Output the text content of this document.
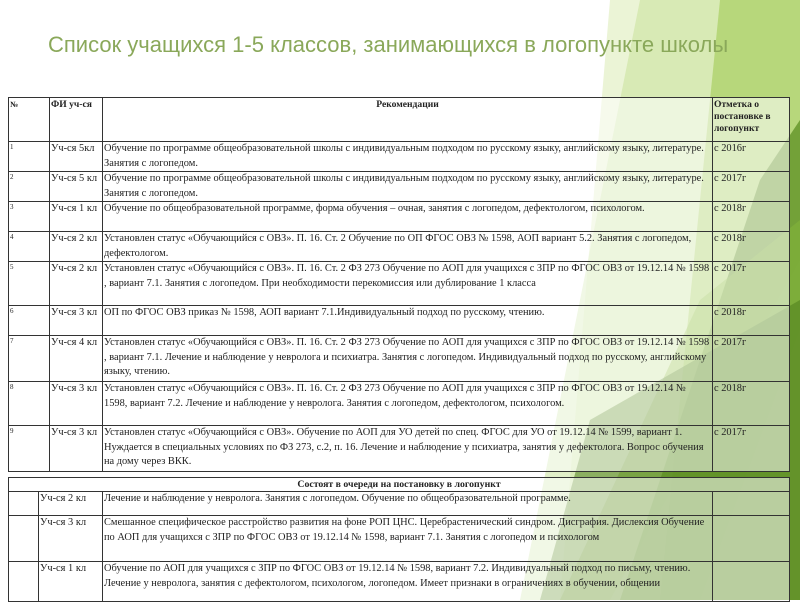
Список учащихся 1-5 классов, занимающихся в логопункте школы
№	ФИ уч-ся	Рекомендации	Отметка о постановке в логопункт
1	Уч-ся 5кл	Обучение по программе общеобразовательной школы с индивидуальным подходом по русскому языку, английскому языку, литературе. Занятия с логопедом.	с 2016г
2	Уч-ся 5 кл	Обучение по программе общеобразовательной школы с индивидуальным подходом по русскому языку, английскому языку, литературе. Занятия с логопедом.	с 2017г
3	Уч-ся 1 кл	Обучение по общеобразовательной программе, форма обучения – очная, занятия с логопедом, дефектологом, психологом.	с 2018г
4	Уч-ся 2 кл	Установлен статус «Обучающийся с ОВЗ». П. 16. Ст. 2 Обучение по ОП ФГОС ОВЗ № 1598, АОП вариант 5.2. Занятия с логопедом, дефектологом.	с 2018г
5	Уч-ся 2 кл	Установлен статус «Обучающийся с ОВЗ». П. 16. Ст. 2 ФЗ 273 Обучение по АОП для учащихся с ЗПР по ФГОС ОВЗ от 19.12.14 № 1598 , вариант 7.1. Занятия с логопедом. При необходимости перекомиссия или дублирование 1 класса	с 2017г
6	Уч-ся 3 кл	ОП по ФГОС ОВЗ приказ № 1598, АОП вариант 7.1.Индивидуальный подход по русскому, чтению.	с 2018г
7	Уч-ся 4 кл	Установлен статус «Обучающийся с ОВЗ». П. 16. Ст. 2 ФЗ 273 Обучение по АОП для учащихся с ЗПР по ФГОС ОВЗ от 19.12.14 № 1598 , вариант 7.1. Лечение и наблюдение у невролога и психиатра. Занятия с логопедом. Индивидуальный подход по русскому, английскому языку, чтению.	с 2017г
8	Уч-ся 3 кл	Установлен статус «Обучающийся с ОВЗ». П. 16. Ст. 2 ФЗ 273 Обучение по АОП для учащихся с ЗПР по ФГОС ОВЗ от 19.12.14 № 1598, вариант 7.2. Лечение и наблюдение у невролога. Занятия с логопедом, дефектологом, психологом.	с 2018г
9	Уч-ся 3 кл	Установлен статус «Обучающийся с ОВЗ». Обучение по АОП для УО детей по спец. ФГОС для УО от 19.12.14 № 1599, вариант 1. Нуждается в специальных условиях по ФЗ 273, с.2, п. 16. Лечение и наблюдение у психиатра, занятия у дефектолога. Вопрос обучения на дому через ВКК.	с 2017г
Состоят в очереди на постановку в логопункт			
	Уч-ся 2 кл	Лечение и наблюдение у невролога. Занятия с логопедом. Обучение по общеобразовательной программе.	
	Уч-ся 3 кл	Смешанное специфическое расстройство развития на фоне РОП ЦНС. Церебрастенический синдром. Дисграфия. Дислексия Обучение по АОП для учащихся с ЗПР по ФГОС ОВЗ от 19.12.14 № 1598, вариант 7.1. Занятия с логопедом и психологом	
	Уч-ся 1 кл	Обучение по АОП для учащихся с ЗПР по ФГОС ОВЗ от 19.12.14 № 1598, вариант 7.2. Индивидуальный подход по письму, чтению. Лечение у невролога, занятия с дефектологом, психологом, логопедом. Имеет признаки в ограничениях в обучении, общении	
